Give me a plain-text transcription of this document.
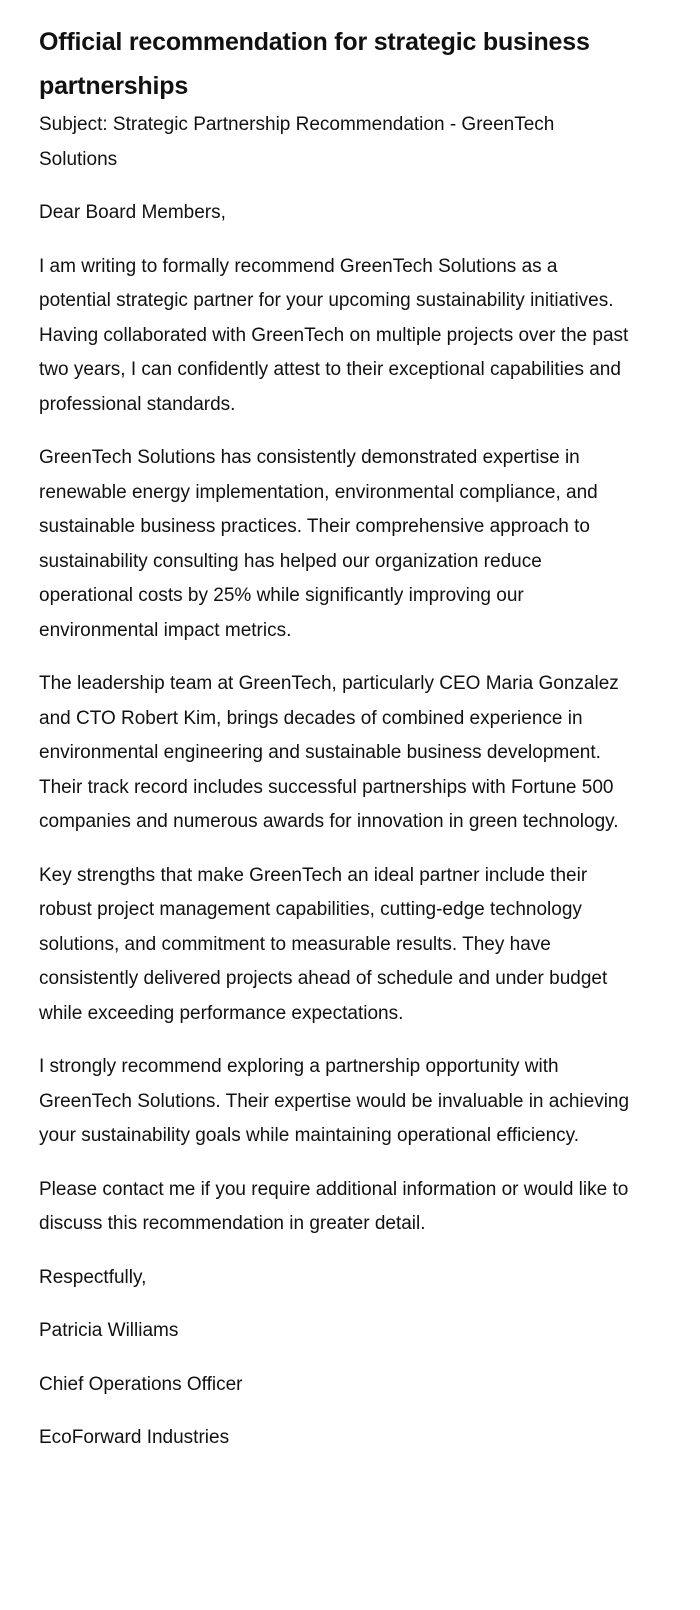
Official recommendation for strategic business partnerships

Subject: Strategic Partnership Recommendation - GreenTech Solutions

Dear Board Members,

I am writing to formally recommend GreenTech Solutions as a potential strategic partner for your upcoming sustainability initiatives. Having collaborated with GreenTech on multiple projects over the past two years, I can confidently attest to their exceptional capabilities and professional standards.

GreenTech Solutions has consistently demonstrated expertise in renewable energy implementation, environmental compliance, and sustainable business practices. Their comprehensive approach to sustainability consulting has helped our organization reduce operational costs by 25% while significantly improving our environmental impact metrics.

The leadership team at GreenTech, particularly CEO Maria Gonzalez and CTO Robert Kim, brings decades of combined experience in environmental engineering and sustainable business development. Their track record includes successful partnerships with Fortune 500 companies and numerous awards for innovation in green technology.

Key strengths that make GreenTech an ideal partner include their robust project management capabilities, cutting-edge technology solutions, and commitment to measurable results. They have consistently delivered projects ahead of schedule and under budget while exceeding performance expectations.

I strongly recommend exploring a partnership opportunity with GreenTech Solutions. Their expertise would be invaluable in achieving your sustainability goals while maintaining operational efficiency.

Please contact me if you require additional information or would like to discuss this recommendation in greater detail.

Respectfully,

Patricia Williams

Chief Operations Officer

EcoForward Industries
